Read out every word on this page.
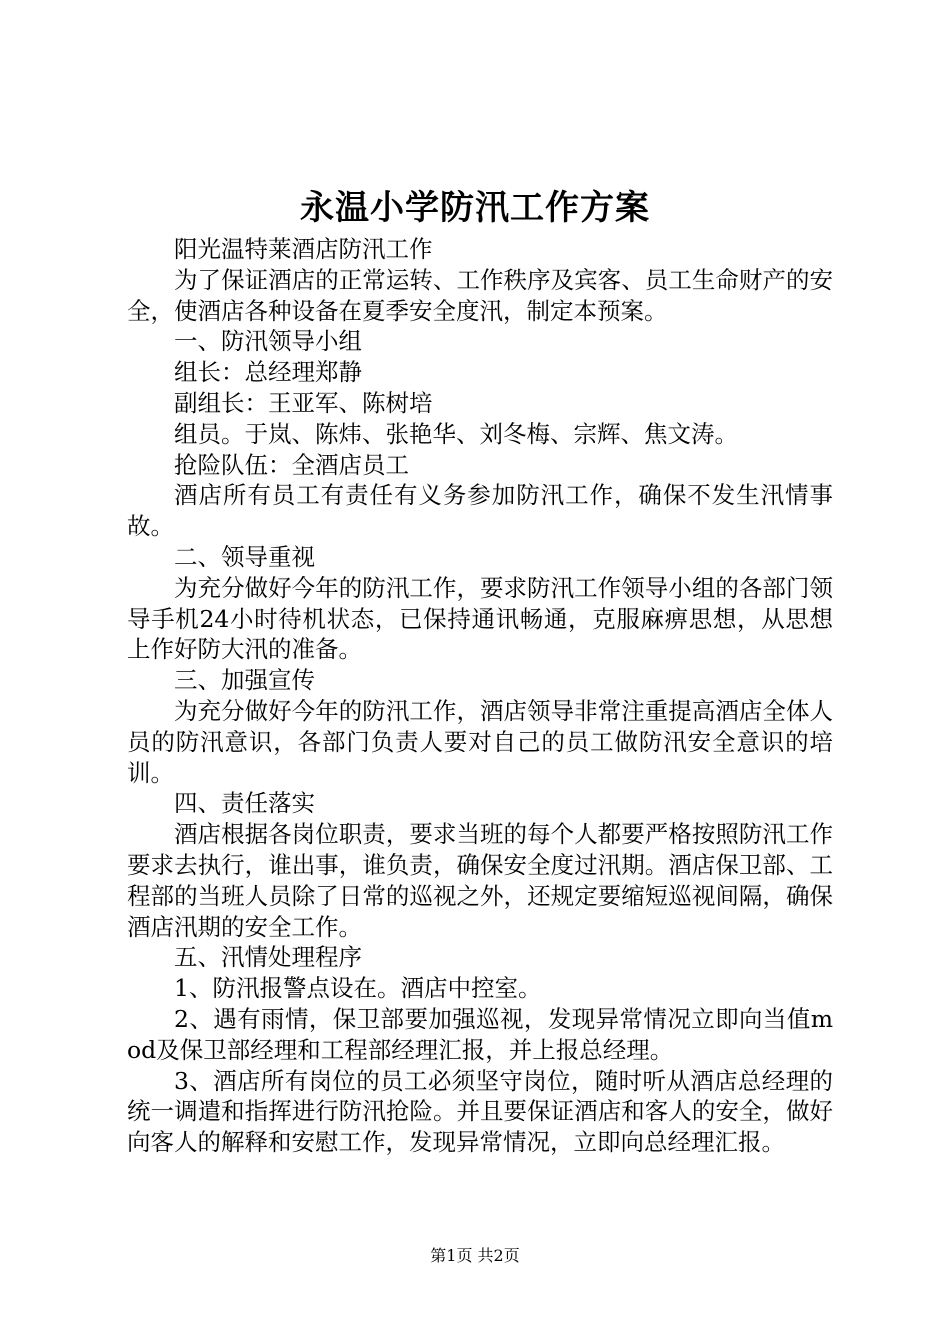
永温小学防汛工作方案

阳光温特莱酒店防汛工作

为了保证酒店的正常运转、工作秩序及宾客、员工生命财产的安全，使酒店各种设备在夏季安全度汛，制定本预案。

一、防汛领导小组

组长：总经理郑静

副组长：王亚军、陈树培

组员。于岚、陈炜、张艳华、刘冬梅、宗辉、焦文涛。

抢险队伍：全酒店员工

酒店所有员工有责任有义务参加防汛工作，确保不发生汛情事故。

二、领导重视

为充分做好今年的防汛工作，要求防汛工作领导小组的各部门领导手机24小时待机状态，已保持通讯畅通，克服麻痹思想，从思想上作好防大汛的准备。

三、加强宣传

为充分做好今年的防汛工作，酒店领导非常注重提高酒店全体人员的防汛意识，各部门负责人要对自己的员工做防汛安全意识的培训。

四、责任落实

酒店根据各岗位职责，要求当班的每个人都要严格按照防汛工作要求去执行，谁出事，谁负责，确保安全度过汛期。酒店保卫部、工程部的当班人员除了日常的巡视之外，还规定要缩短巡视间隔，确保酒店汛期的安全工作。

五、汛情处理程序

1、防汛报警点设在。酒店中控室。

2、遇有雨情，保卫部要加强巡视，发现异常情况立即向当值mod及保卫部经理和工程部经理汇报，并上报总经理。

3、酒店所有岗位的员工必须坚守岗位，随时听从酒店总经理的统一调遣和指挥进行防汛抢险。并且要保证酒店和客人的安全，做好向客人的解释和安慰工作，发现异常情况，立即向总经理汇报。

第1页 共2页
